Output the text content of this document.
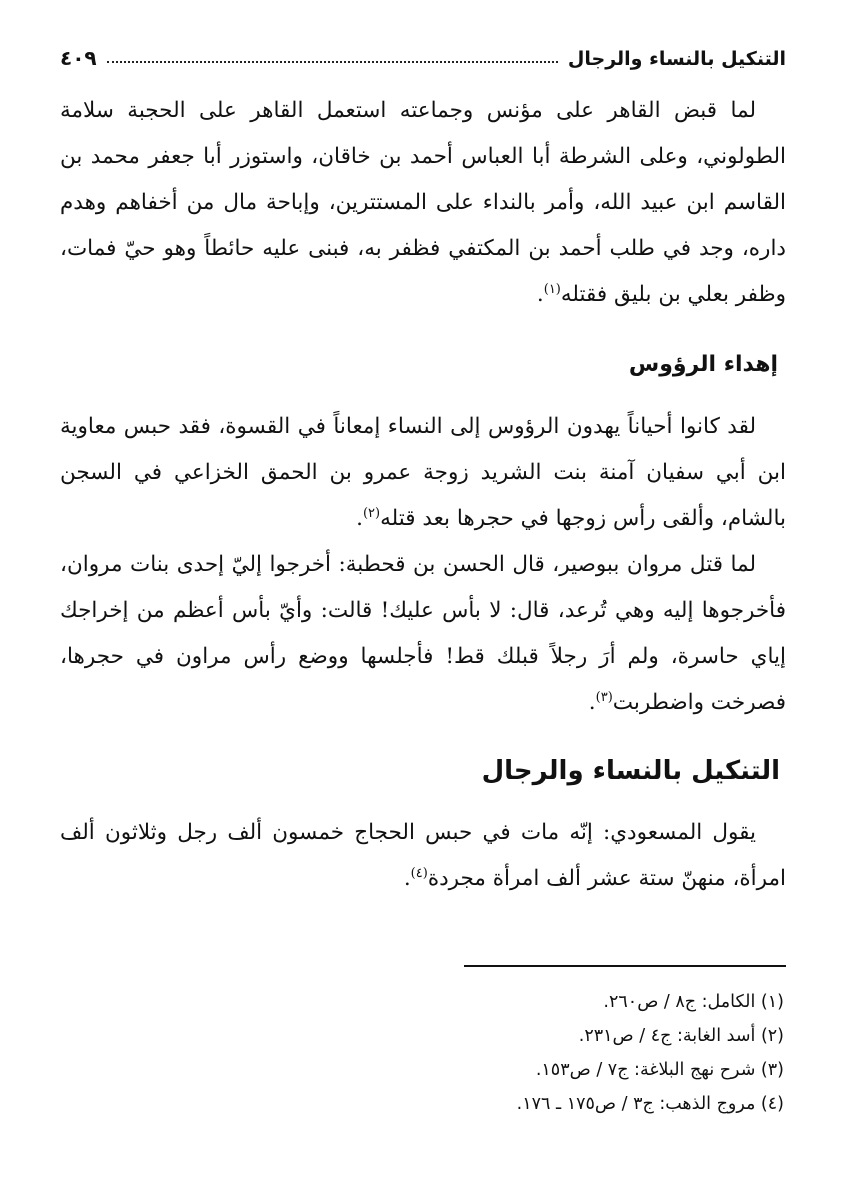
التنكيل بالنساء والرجال
٤٠٩

لما قبض القاهر على مؤنس وجماعته استعمل القاهر على الحجبة سلامة الطولوني، وعلى الشرطة أبا العباس أحمد بن خاقان، واستوزر أبا جعفر محمد بن القاسم ابن عبيد الله، وأمر بالنداء على المستترين، وإباحة مال من أخفاهم وهدم داره، وجد في طلب أحمد بن المكتفي فظفر به، فبنى عليه حائطاً وهو حيّ فمات، وظفر بعلي بن بليق فقتله$^{(١)}$.

إهداء الرؤوس

لقد كانوا أحياناً يهدون الرؤوس إلى النساء إمعاناً في القسوة، فقد حبس معاوية ابن أبي سفيان آمنة بنت الشريد زوجة عمرو بن الحمق الخزاعي في السجن بالشام، وألقى رأس زوجها في حجرها بعد قتله$^{(٢)}$.

لما قتل مروان ببوصير، قال الحسن بن قحطبة: أخرجوا إليّ إحدى بنات مروان، فأخرجوها إليه وهي تُرعد، قال: لا بأس عليك! قالت: وأيّ بأس أعظم من إخراجك إياي حاسرة، ولم أرَ رجلاً قبلك قط! فأجلسها ووضع رأس مراون في حجرها، فصرخت واضطربت$^{(٣)}$.

التنكيل بالنساء والرجال

يقول المسعودي: إنّه مات في حبس الحجاج خمسون ألف رجل وثلاثون ألف امرأة، منهنّ ستة عشر ألف امرأة مجردة$^{(٤)}$.

(١) الكامل: ج٨ / ص٢٦٠.
(٢) أسد الغابة: ج٤ / ص٢٣١.
(٣) شرح نهج البلاغة: ج٧ / ص١٥٣.
(٤) مروج الذهب: ج٣ / ص١٧٥ ـ ١٧٦.
